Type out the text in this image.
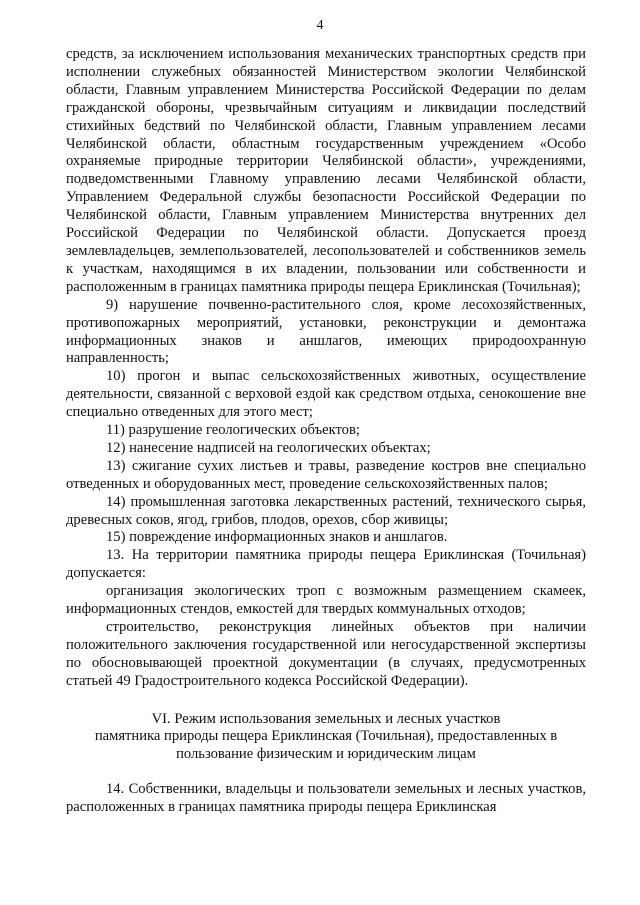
4

средств, за исключением использования механических транспортных средств при исполнении служебных обязанностей Министерством экологии Челябинской области, Главным управлением Министерства Российской Федерации по делам гражданской обороны, чрезвычайным ситуациям и ликвидации последствий стихийных бедствий по Челябинской области, Главным управлением лесами Челябинской области, областным государственным учреждением «Особо охраняемые природные территории Челябинской области», учреждениями, подведомственными Главному управлению лесами Челябинской области, Управлением Федеральной службы безопасности Российской Федерации по Челябинской области, Главным управлением Министерства внутренних дел Российской Федерации по Челябинской области. Допускается проезд землевладельцев, землепользователей, лесопользователей и собственников земель к участкам, находящимся в их владении, пользовании или собственности и расположенным в границах памятника природы пещера Ериклинская (Точильная);

9) нарушение почвенно-растительного слоя, кроме лесохозяйственных, противопожарных мероприятий, установки, реконструкции и демонтажа информационных знаков и аншлагов, имеющих природоохранную направленность;

10) прогон и выпас сельскохозяйственных животных, осуществление деятельности, связанной с верховой ездой как средством отдыха, сенокошение вне специально отведенных для этого мест;

11) разрушение геологических объектов;

12) нанесение надписей на геологических объектах;

13) сжигание сухих листьев и травы, разведение костров вне специально отведенных и оборудованных мест, проведение сельскохозяйственных палов;

14) промышленная заготовка лекарственных растений, технического сырья, древесных соков, ягод, грибов, плодов, орехов, сбор живицы;

15) повреждение информационных знаков и аншлагов.

13. На территории памятника природы пещера Ериклинская (Точильная) допускается:

организация экологических троп с возможным размещением скамеек, информационных стендов, емкостей для твердых коммунальных отходов;

строительство, реконструкция линейных объектов при наличии положительного заключения государственной или негосударственной экспертизы по обосновывающей проектной документации (в случаях, предусмотренных статьей 49 Градостроительного кодекса Российской Федерации).

VI. Режим использования земельных и лесных участков
памятника природы пещера Ериклинская (Точильная), предоставленных в
пользование физическим и юридическим лицам

14. Собственники, владельцы и пользователи земельных и лесных участков, расположенных в границах памятника природы пещера Ериклинская
